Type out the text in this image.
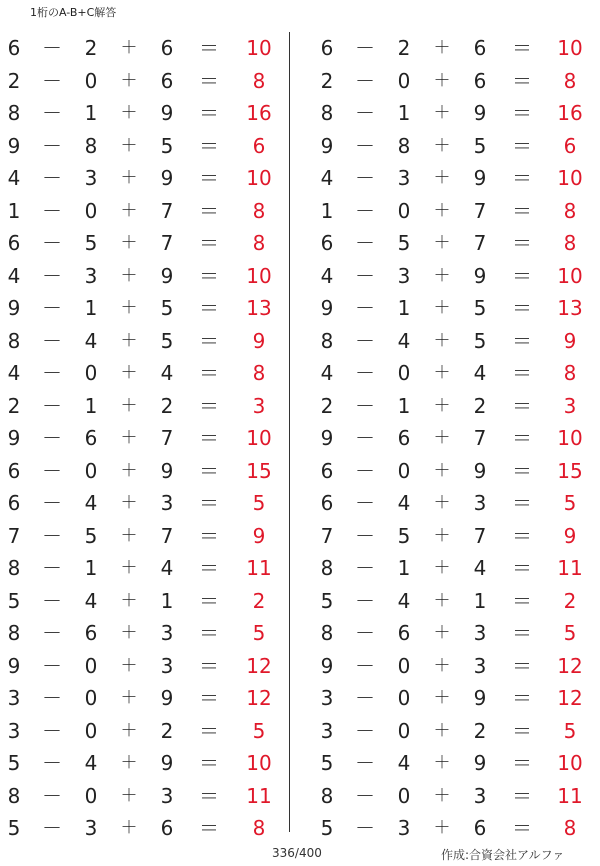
1桁のA-B+C解答
6 － 2	＋ 6 ＝	10
2 － 0	＋ 6 ＝	8
8 － 1	＋ 9 ＝	16
9 － 8	＋ 5 ＝	6
4 － 3	＋ 9 ＝	10
1 － 0	＋ 7 ＝	8
6 － 5	＋ 7 ＝	8
4 － 3	＋ 9 ＝	10
9 － 1	＋ 5 ＝	13
8 － 4	＋ 5 ＝	9
4 － 0	＋ 4 ＝	8
2 － 1	＋ 2 ＝	3
9 － 6	＋ 7 ＝	10
6 － 0	＋ 9 ＝	15
6 － 4	＋ 3 ＝	5
7 － 5	＋ 7 ＝	9
8 － 1	＋ 4 ＝	11
5 － 4	＋ 1 ＝	2
8 － 6	＋ 3 ＝	5
9 － 0	＋ 3 ＝	12
3 － 0	＋ 9 ＝	12
3 － 0	＋ 2 ＝	5
5 － 4	＋ 9 ＝	10
8 － 0	＋ 3 ＝	11
5 － 3	＋ 6 ＝	8
6 － 2	＋ 6 ＝	10
2 － 0	＋ 6 ＝	8
8 － 1	＋ 9 ＝	16
9 － 8	＋ 5 ＝	6
4 － 3	＋ 9 ＝	10
1 － 0	＋ 7 ＝	8
6 － 5	＋ 7 ＝	8
4 － 3	＋ 9 ＝	10
9 － 1	＋ 5 ＝	13
8 － 4	＋ 5 ＝	9
4 － 0	＋ 4 ＝	8
2 － 1	＋ 2 ＝	3
9 － 6	＋ 7 ＝	10
6 － 0	＋ 9 ＝	15
6 － 4	＋ 3 ＝	5
7 － 5	＋ 7 ＝	9
8 － 1	＋ 4 ＝	11
5 － 4	＋ 1 ＝	2
8 － 6	＋ 3 ＝	5
9 － 0	＋ 3 ＝	12
3 － 0	＋ 9 ＝	12
3 － 0	＋ 2 ＝	5
5 － 4	＋ 9 ＝	10
8 － 0	＋ 3 ＝	11
5 － 3	＋ 6 ＝	8
336/400	作成:合資会社アルファ
